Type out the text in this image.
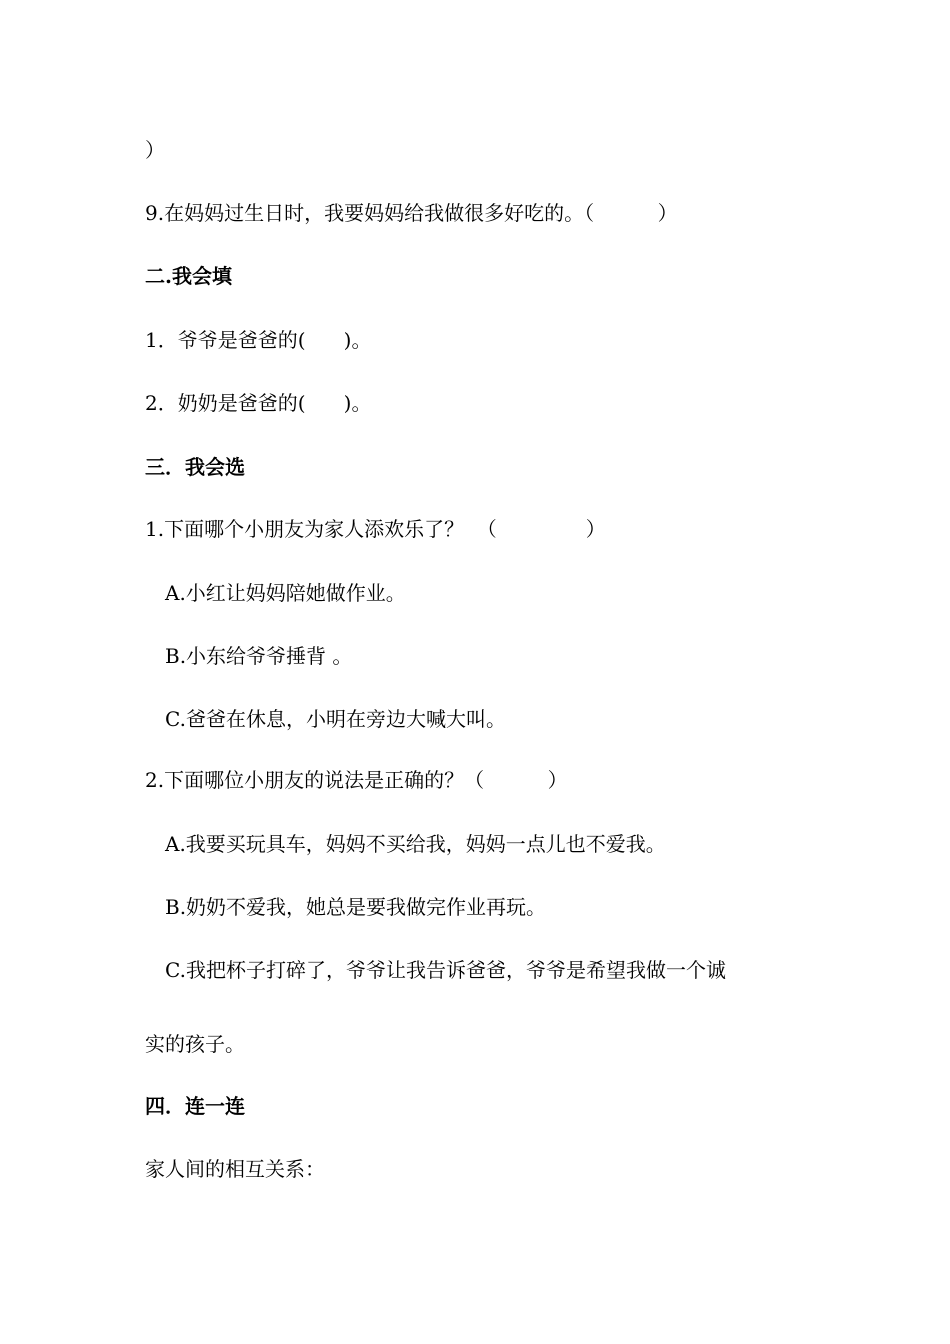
）
9.在妈妈过生日时，我要妈妈给我做很多好吃的。（          ）
二.我会填
1．爷爷是爸爸的(      )。
2．奶奶是爸爸的(      )。
三．我会选
1.下面哪个小朋友为家人添欢乐了？  （              ）
A.小红让妈妈陪她做作业。
B.小东给爷爷捶背 。
C.爸爸在休息，小明在旁边大喊大叫。
2.下面哪位小朋友的说法是正确的？（          ）
A.我要买玩具车，妈妈不买给我，妈妈一点儿也不爱我。
B.奶奶不爱我，她总是要我做完作业再玩。
C.我把杯子打碎了，爷爷让我告诉爸爸，爷爷是希望我做一个诚
实的孩子。
四．连一连
家人间的相互关系：
